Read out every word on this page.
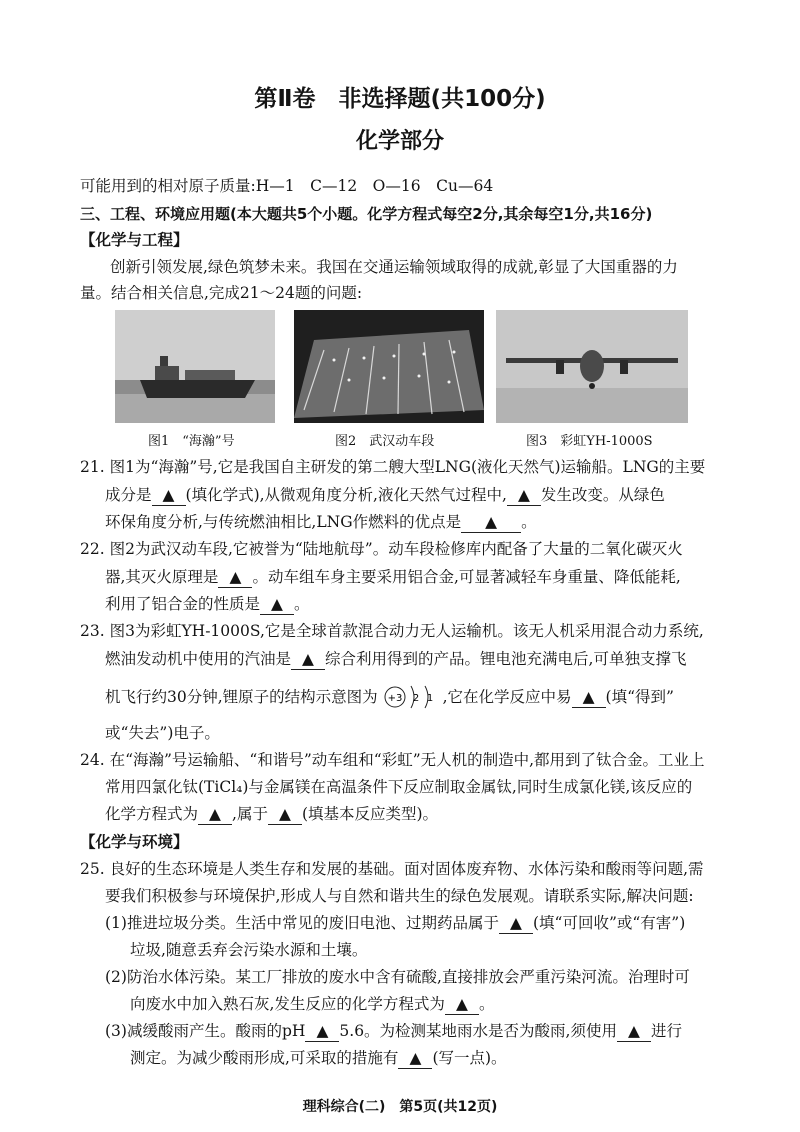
第Ⅱ卷　非选择题(共100分)
化学部分
可能用到的相对原子质量:H—1　C—12　O—16　Cu—64
三、工程、环境应用题(本大题共5个小题。化学方程式每空2分,其余每空1分,共16分)
【化学与工程】
创新引领发展,绿色筑梦未来。我国在交通运输领域取得的成就,彰显了大国重器的力
量。结合相关信息,完成21～24题的问题:
图1　“海瀚”号	图2　武汉动车段	图3　彩虹YH-1000S
21. 图1为“海瀚”号,它是我国自主研发的第二艘大型LNG(液化天然气)运输船。LNG的主要
成分是 ▲ (填化学式),从微观角度分析,液化天然气过程中, ▲ 发生改变。从绿色
环保角度分析,与传统燃油相比,LNG作燃料的优点是 ▲ 。
22. 图2为武汉动车段,它被誉为“陆地航母”。动车段检修库内配备了大量的二氧化碳灭火
器,其灭火原理是 ▲ 。动车组车身主要采用铝合金,可显著减轻车身重量、降低能耗,
利用了铝合金的性质是 ▲ 。
23. 图3为彩虹YH-1000S,它是全球首款混合动力无人运输机。该无人机采用混合动力系统,
燃油发动机中使用的汽油是 ▲ 综合利用得到的产品。锂电池充满电后,可单独支撑飞
机飞行约30分钟,锂原子的结构示意图为 +3 2 1 ,它在化学反应中易 ▲ (填“得到”
或“失去”)电子。
24. 在“海瀚”号运输船、“和谐号”动车组和“彩虹”无人机的制造中,都用到了钛合金。工业上
常用四氯化钛(TiCl₄)与金属镁在高温条件下反应制取金属钛,同时生成氯化镁,该反应的
化学方程式为 ▲ ,属于 ▲ (填基本反应类型)。
【化学与环境】
25. 良好的生态环境是人类生存和发展的基础。面对固体废弃物、水体污染和酸雨等问题,需
要我们积极参与环境保护,形成人与自然和谐共生的绿色发展观。请联系实际,解决问题:
(1)推进垃圾分类。生活中常见的废旧电池、过期药品属于 ▲ (填“可回收”或“有害”)
垃圾,随意丢弃会污染水源和土壤。
(2)防治水体污染。某工厂排放的废水中含有硫酸,直接排放会严重污染河流。治理时可
向废水中加入熟石灰,发生反应的化学方程式为 ▲ 。
(3)减缓酸雨产生。酸雨的pH ▲ 5.6。为检测某地雨水是否为酸雨,须使用 ▲ 进行
测定。为减少酸雨形成,可采取的措施有 ▲ (写一点)。
理科综合(二)　第5页(共12页)
